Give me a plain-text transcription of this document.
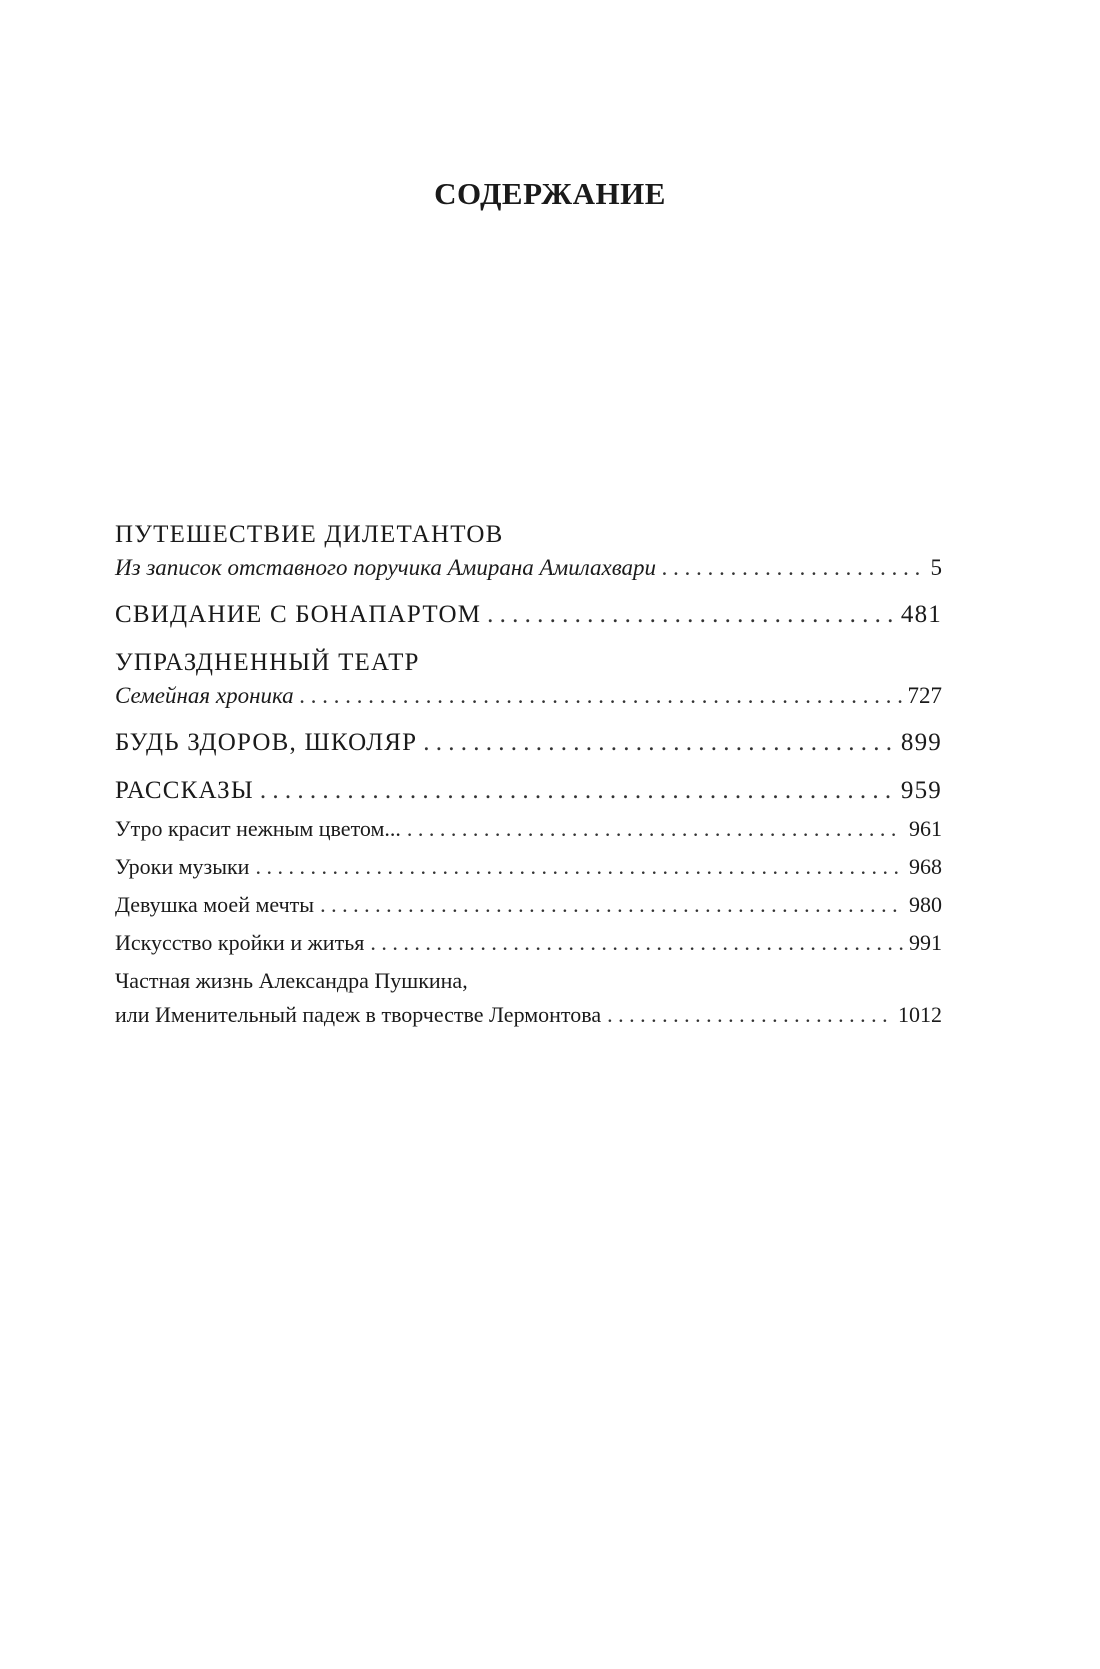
СОДЕРЖАНИЕ
ПУТЕШЕСТВИЕ ДИЛЕТАНТОВ
Из записок отставного поручика Амирана Амилахвари . . .	5
СВИДАНИЕ С БОНАПАРТОМ . . .	481
УПРАЗДНЕННЫЙ ТЕАТР
Семейная хроника . . .	727
БУДЬ ЗДОРОВ, ШКОЛЯР . . .	899
РАССКАЗЫ . . .	959
Утро красит нежным цветом... . . .	961
Уроки музыки . . .	968
Девушка моей мечты . . .	980
Искусство кройки и житья . . .	991
Частная жизнь Александра Пушкина,
или Именительный падеж в творчестве Лермонтова . . .	1012
